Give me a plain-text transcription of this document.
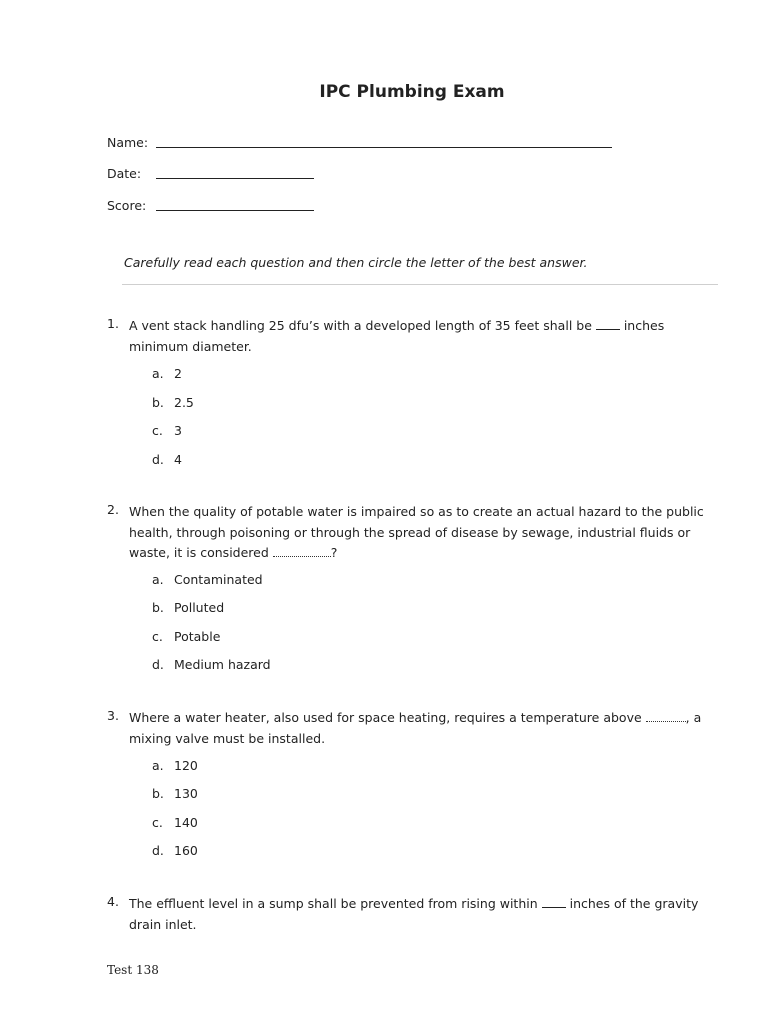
IPC Plumbing Exam
Name:
Date:
Score:
Carefully read each question and then circle the letter of the best answer.
1. A vent stack handling 25 dfu’s with a developed length of 35 feet shall be  inches minimum diameter.
a. 2
b. 2.5
c. 3
d. 4
2. When the quality of potable water is impaired so as to create an actual hazard to the public health, through poisoning or through the spread of disease by sewage, industrial fluids or waste, it is considered	?
a. Contaminated
b. Polluted
c. Potable
d. Medium hazard
3. Where a water heater, also used for space heating, requires a temperature above	, a mixing valve must be installed.
a. 120
b. 130
c. 140
d. 160
4. The effluent level in a sump shall be prevented from rising within  inches of the gravity drain inlet.
Test 138
